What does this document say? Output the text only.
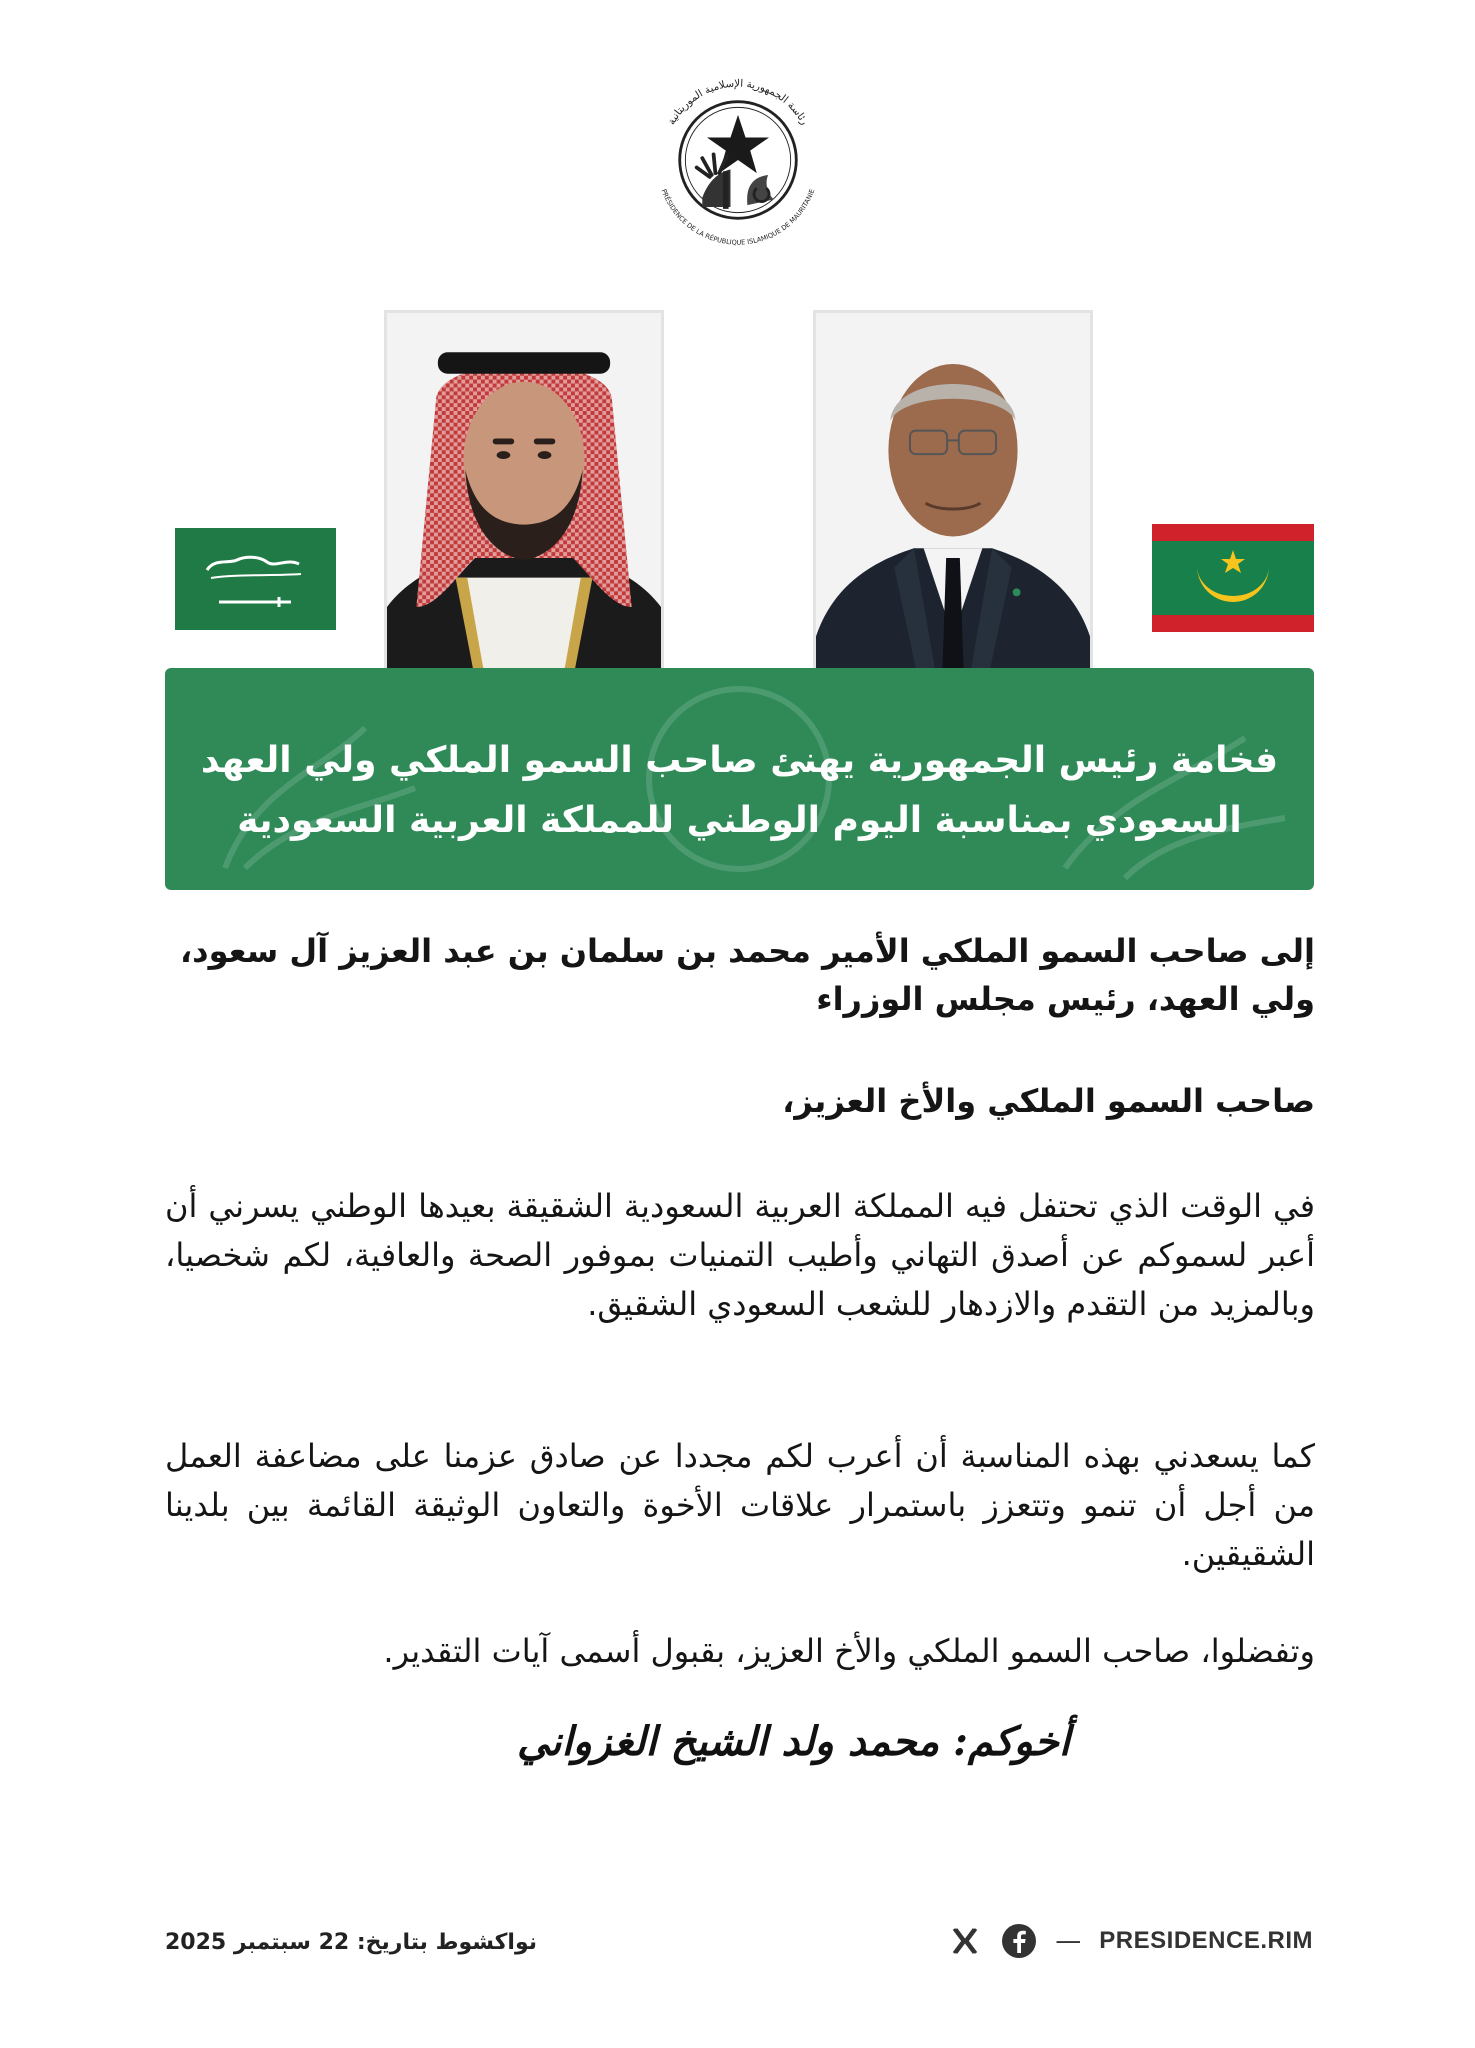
رئاسة الجمهورية الإسلامية الموريتانية
PRÉSIDENCE DE LA RÉPUBLIQUE ISLAMIQUE DE MAURITANIE
فخامة رئيس الجمهورية يهنئ صاحب السمو الملكي ولي العهد
السعودي بمناسبة اليوم الوطني للمملكة العربية السعودية
إلى صاحب السمو الملكي الأمير محمد بن سلمان بن عبد العزيز آل سعود،
ولي العهد، رئيس مجلس الوزراء
صاحب السمو الملكي والأخ العزيز،
في الوقت الذي تحتفل فيه المملكة العربية السعودية الشقيقة بعيدها الوطني يسرني أن أعبر لسموكم عن أصدق التهاني وأطيب التمنيات بموفور الصحة والعافية، لكم شخصيا، وبالمزيد من التقدم والازدهار للشعب السعودي الشقيق.
كما يسعدني بهذه المناسبة أن أعرب لكم مجددا عن صادق عزمنا على مضاعفة العمل من أجل أن تنمو وتتعزز باستمرار علاقات الأخوة والتعاون الوثيقة القائمة بين بلدينا الشقيقين.
وتفضلوا، صاحب السمو الملكي والأخ العزيز، بقبول أسمى آيات التقدير.
أخوكم: محمد ولد الشيخ الغزواني
نواكشوط بتاريخ: 22 سبتمبر 2025	— PRESIDENCE.RIM
